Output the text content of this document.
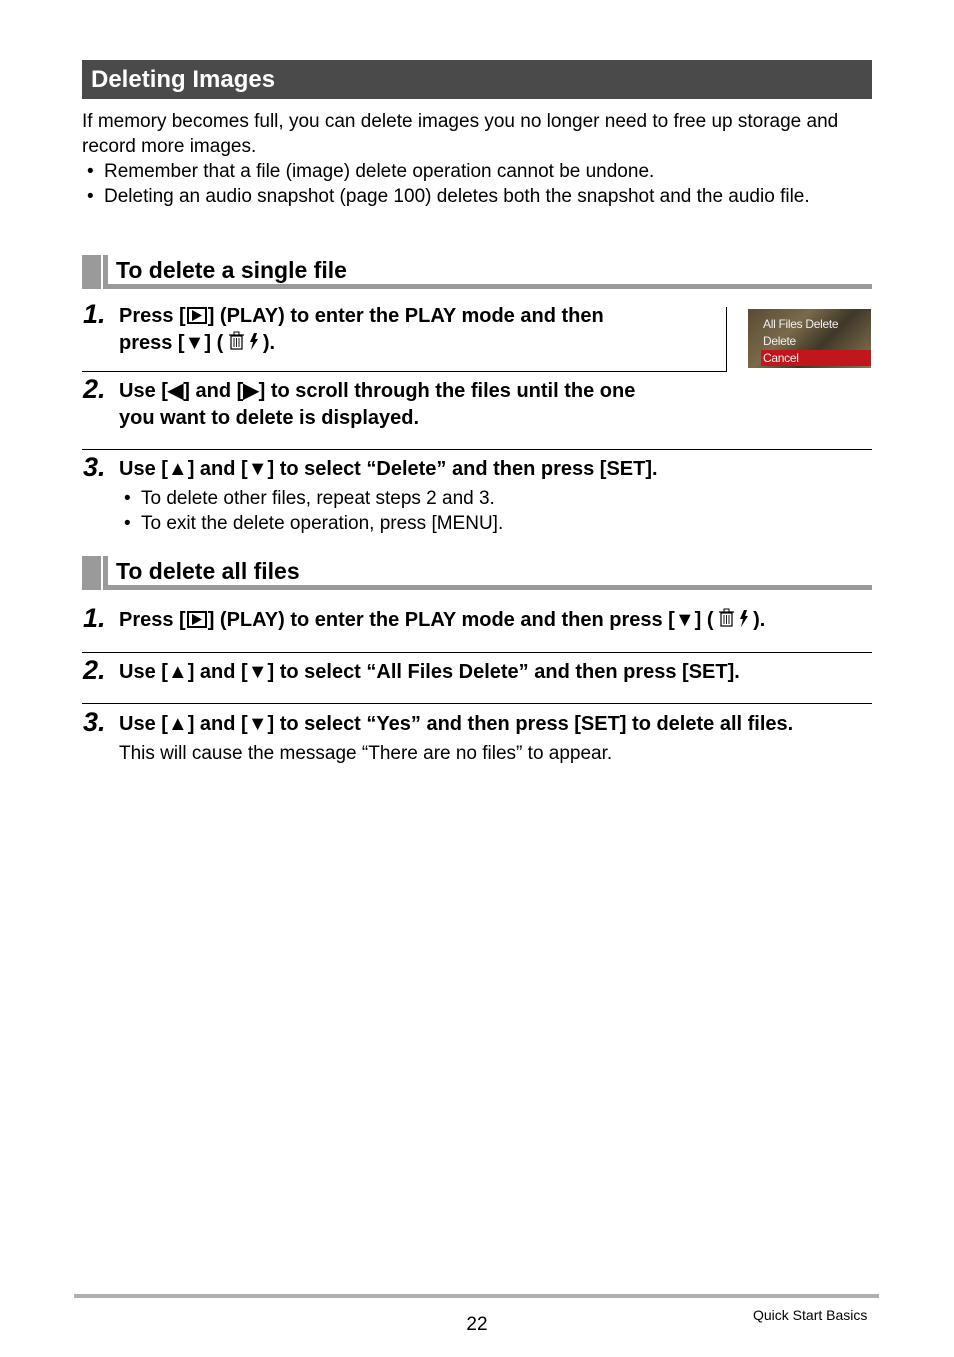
Deleting Images
If memory becomes full, you can delete images you no longer need to free up storage and record more images.
• Remember that a file (image) delete operation cannot be undone.
• Deleting an audio snapshot (page 100) deletes both the snapshot and the audio file.
To delete a single file
1. Press [ ] (PLAY) to enter the PLAY mode and then
press [▼] ( ).
All Files Delete
Delete
Cancel
2. Use [◀] and [▶] to scroll through the files until the one
you want to delete is displayed.
3. Use [▲] and [▼] to select “Delete” and then press [SET].
• To delete other files, repeat steps 2 and 3.
• To exit the delete operation, press [MENU].
To delete all files
1. Press [ ] (PLAY) to enter the PLAY mode and then press [▼] ( ).
2. Use [▲] and [▼] to select “All Files Delete” and then press [SET].
3. Use [▲] and [▼] to select “Yes” and then press [SET] to delete all files.
This will cause the message “There are no files” to appear.
22	Quick Start Basics
